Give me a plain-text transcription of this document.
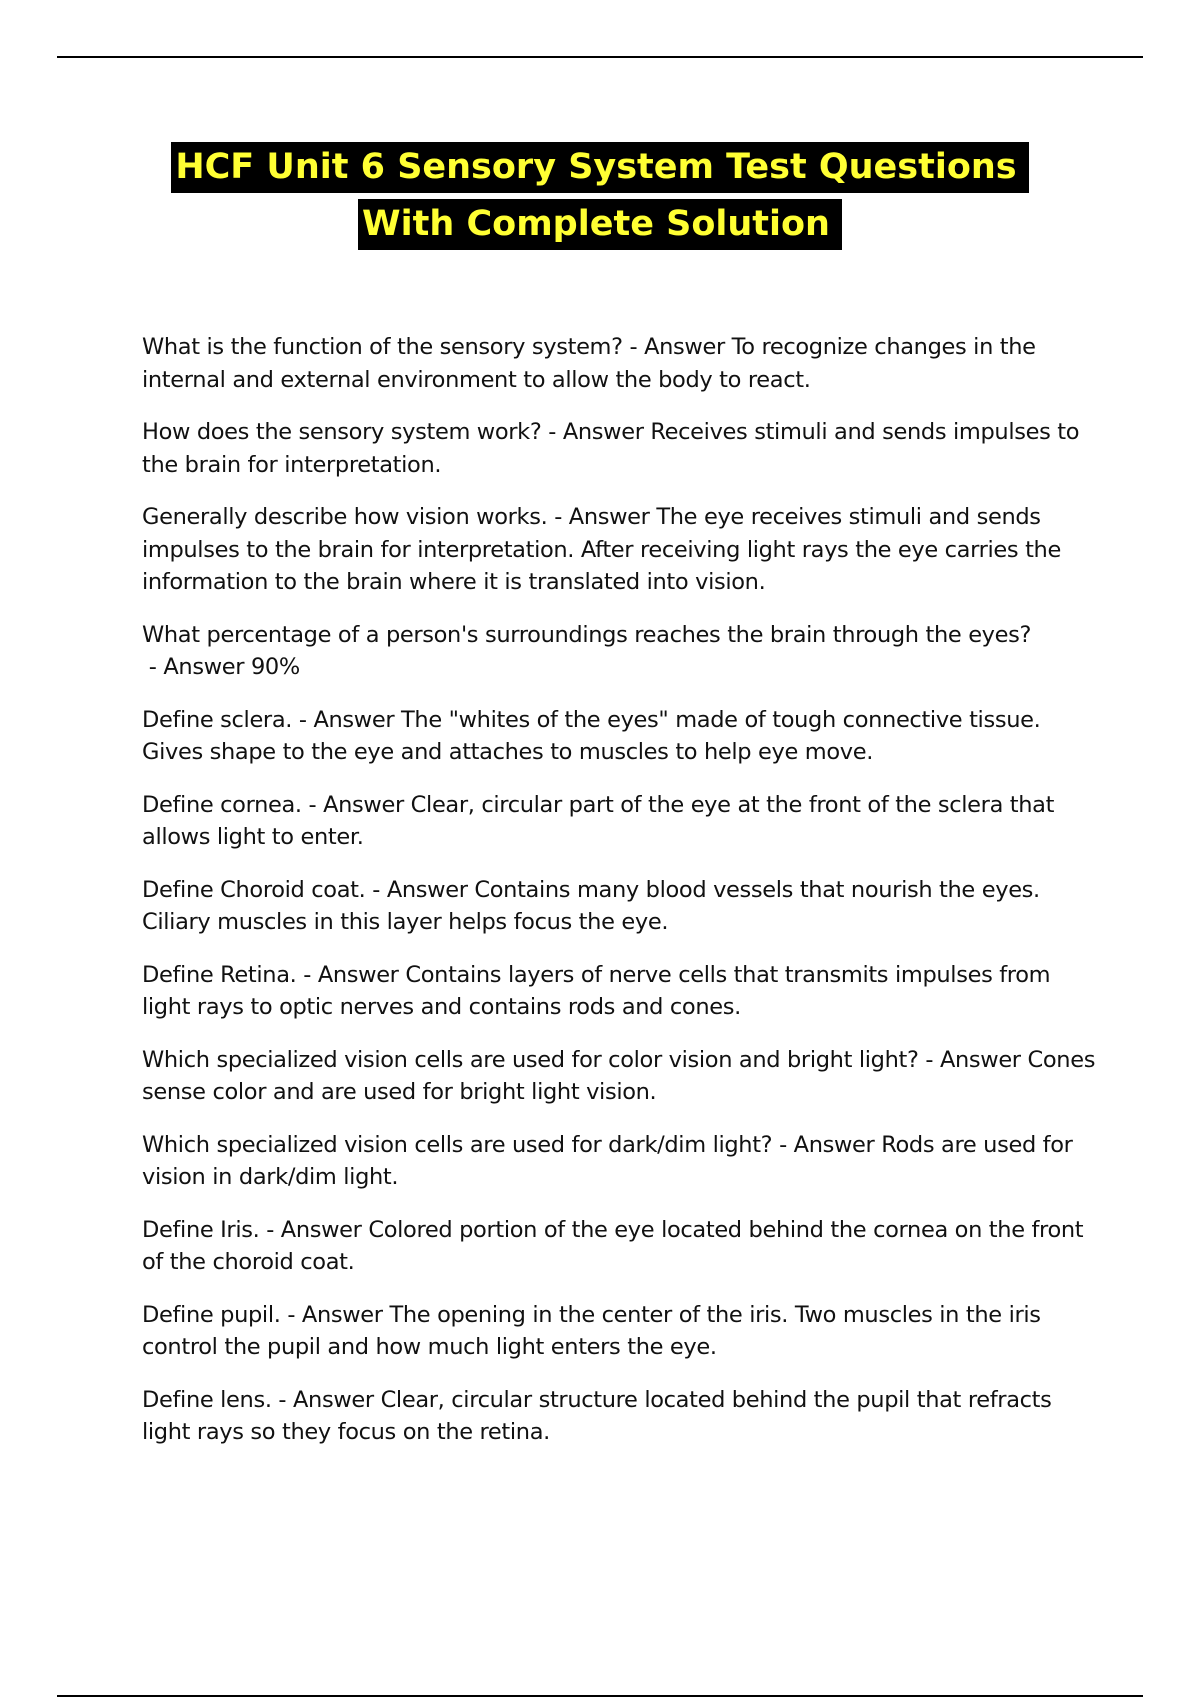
HCF Unit 6 Sensory System Test Questions
With Complete Solution

What is the function of the sensory system? - Answer To recognize changes in the internal and external environment to allow the body to react.

How does the sensory system work? - Answer Receives stimuli and sends impulses to the brain for interpretation.

Generally describe how vision works. - Answer The eye receives stimuli and sends impulses to the brain for interpretation. After receiving light rays the eye carries the information to the brain where it is translated into vision.

What percentage of a person's surroundings reaches the brain through the eyes? - Answer 90%

Define sclera. - Answer The "whites of the eyes" made of tough connective tissue. Gives shape to the eye and attaches to muscles to help eye move.

Define cornea. - Answer Clear, circular part of the eye at the front of the sclera that allows light to enter.

Define Choroid coat. - Answer Contains many blood vessels that nourish the eyes. Ciliary muscles in this layer helps focus the eye.

Define Retina. - Answer Contains layers of nerve cells that transmits impulses from light rays to optic nerves and contains rods and cones.

Which specialized vision cells are used for color vision and bright light? - Answer Cones sense color and are used for bright light vision.

Which specialized vision cells are used for dark/dim light? - Answer Rods are used for vision in dark/dim light.

Define Iris. - Answer Colored portion of the eye located behind the cornea on the front of the choroid coat.

Define pupil. - Answer The opening in the center of the iris. Two muscles in the iris control the pupil and how much light enters the eye.

Define lens. - Answer Clear, circular structure located behind the pupil that refracts light rays so they focus on the retina.
